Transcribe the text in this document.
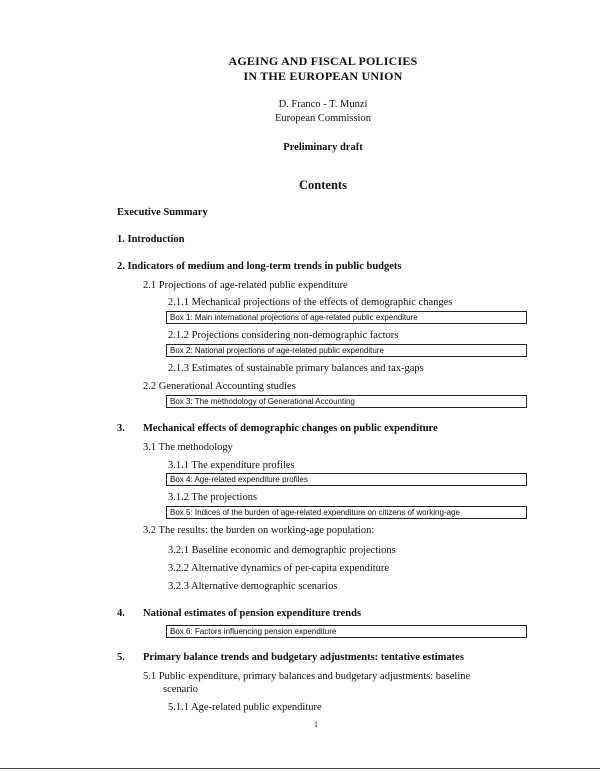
AGEING AND FISCAL POLICIES
IN THE EUROPEAN UNION
D. Franco - T. Munzi
European Commission
Preliminary draft
Contents
Executive Summary
1. Introduction
2. Indicators of medium and long-term trends in public budgets
2.1 Projections of age-related public expenditure
2.1.1 Mechanical projections of the effects of demographic changes
Box 1: Main international projections of age-related public expenditure
2.1.2 Projections considering non-demographic factors
Box 2: National projections of age-related public expenditure
2.1.3 Estimates of sustainable primary balances and tax-gaps
2.2 Generational Accounting studies
Box 3: The methodology of Generational Accounting
3. Mechanical effects of demographic changes on public expenditure
3.1 The methodology
3.1.1 The expenditure profiles
Box 4: Age-related expenditure profiles
3.1.2 The projections
Box 5: Indices of the burden of age-related expenditure on citizens of working-age
3.2 The results: the burden on working-age population:
3.2.1 Baseline economic and demographic projections
3.2.2 Alternative dynamics of per-capita expenditure
3.2.3 Alternative demographic scenarios
4. National estimates of pension expenditure trends
Box 6: Factors influencing pension expenditure
5. Primary balance trends and budgetary adjustments: tentative estimates
5.1 Public expenditure, primary balances and budgetary adjustments: baseline
scenario
5.1.1 Age-related public expenditure
1
